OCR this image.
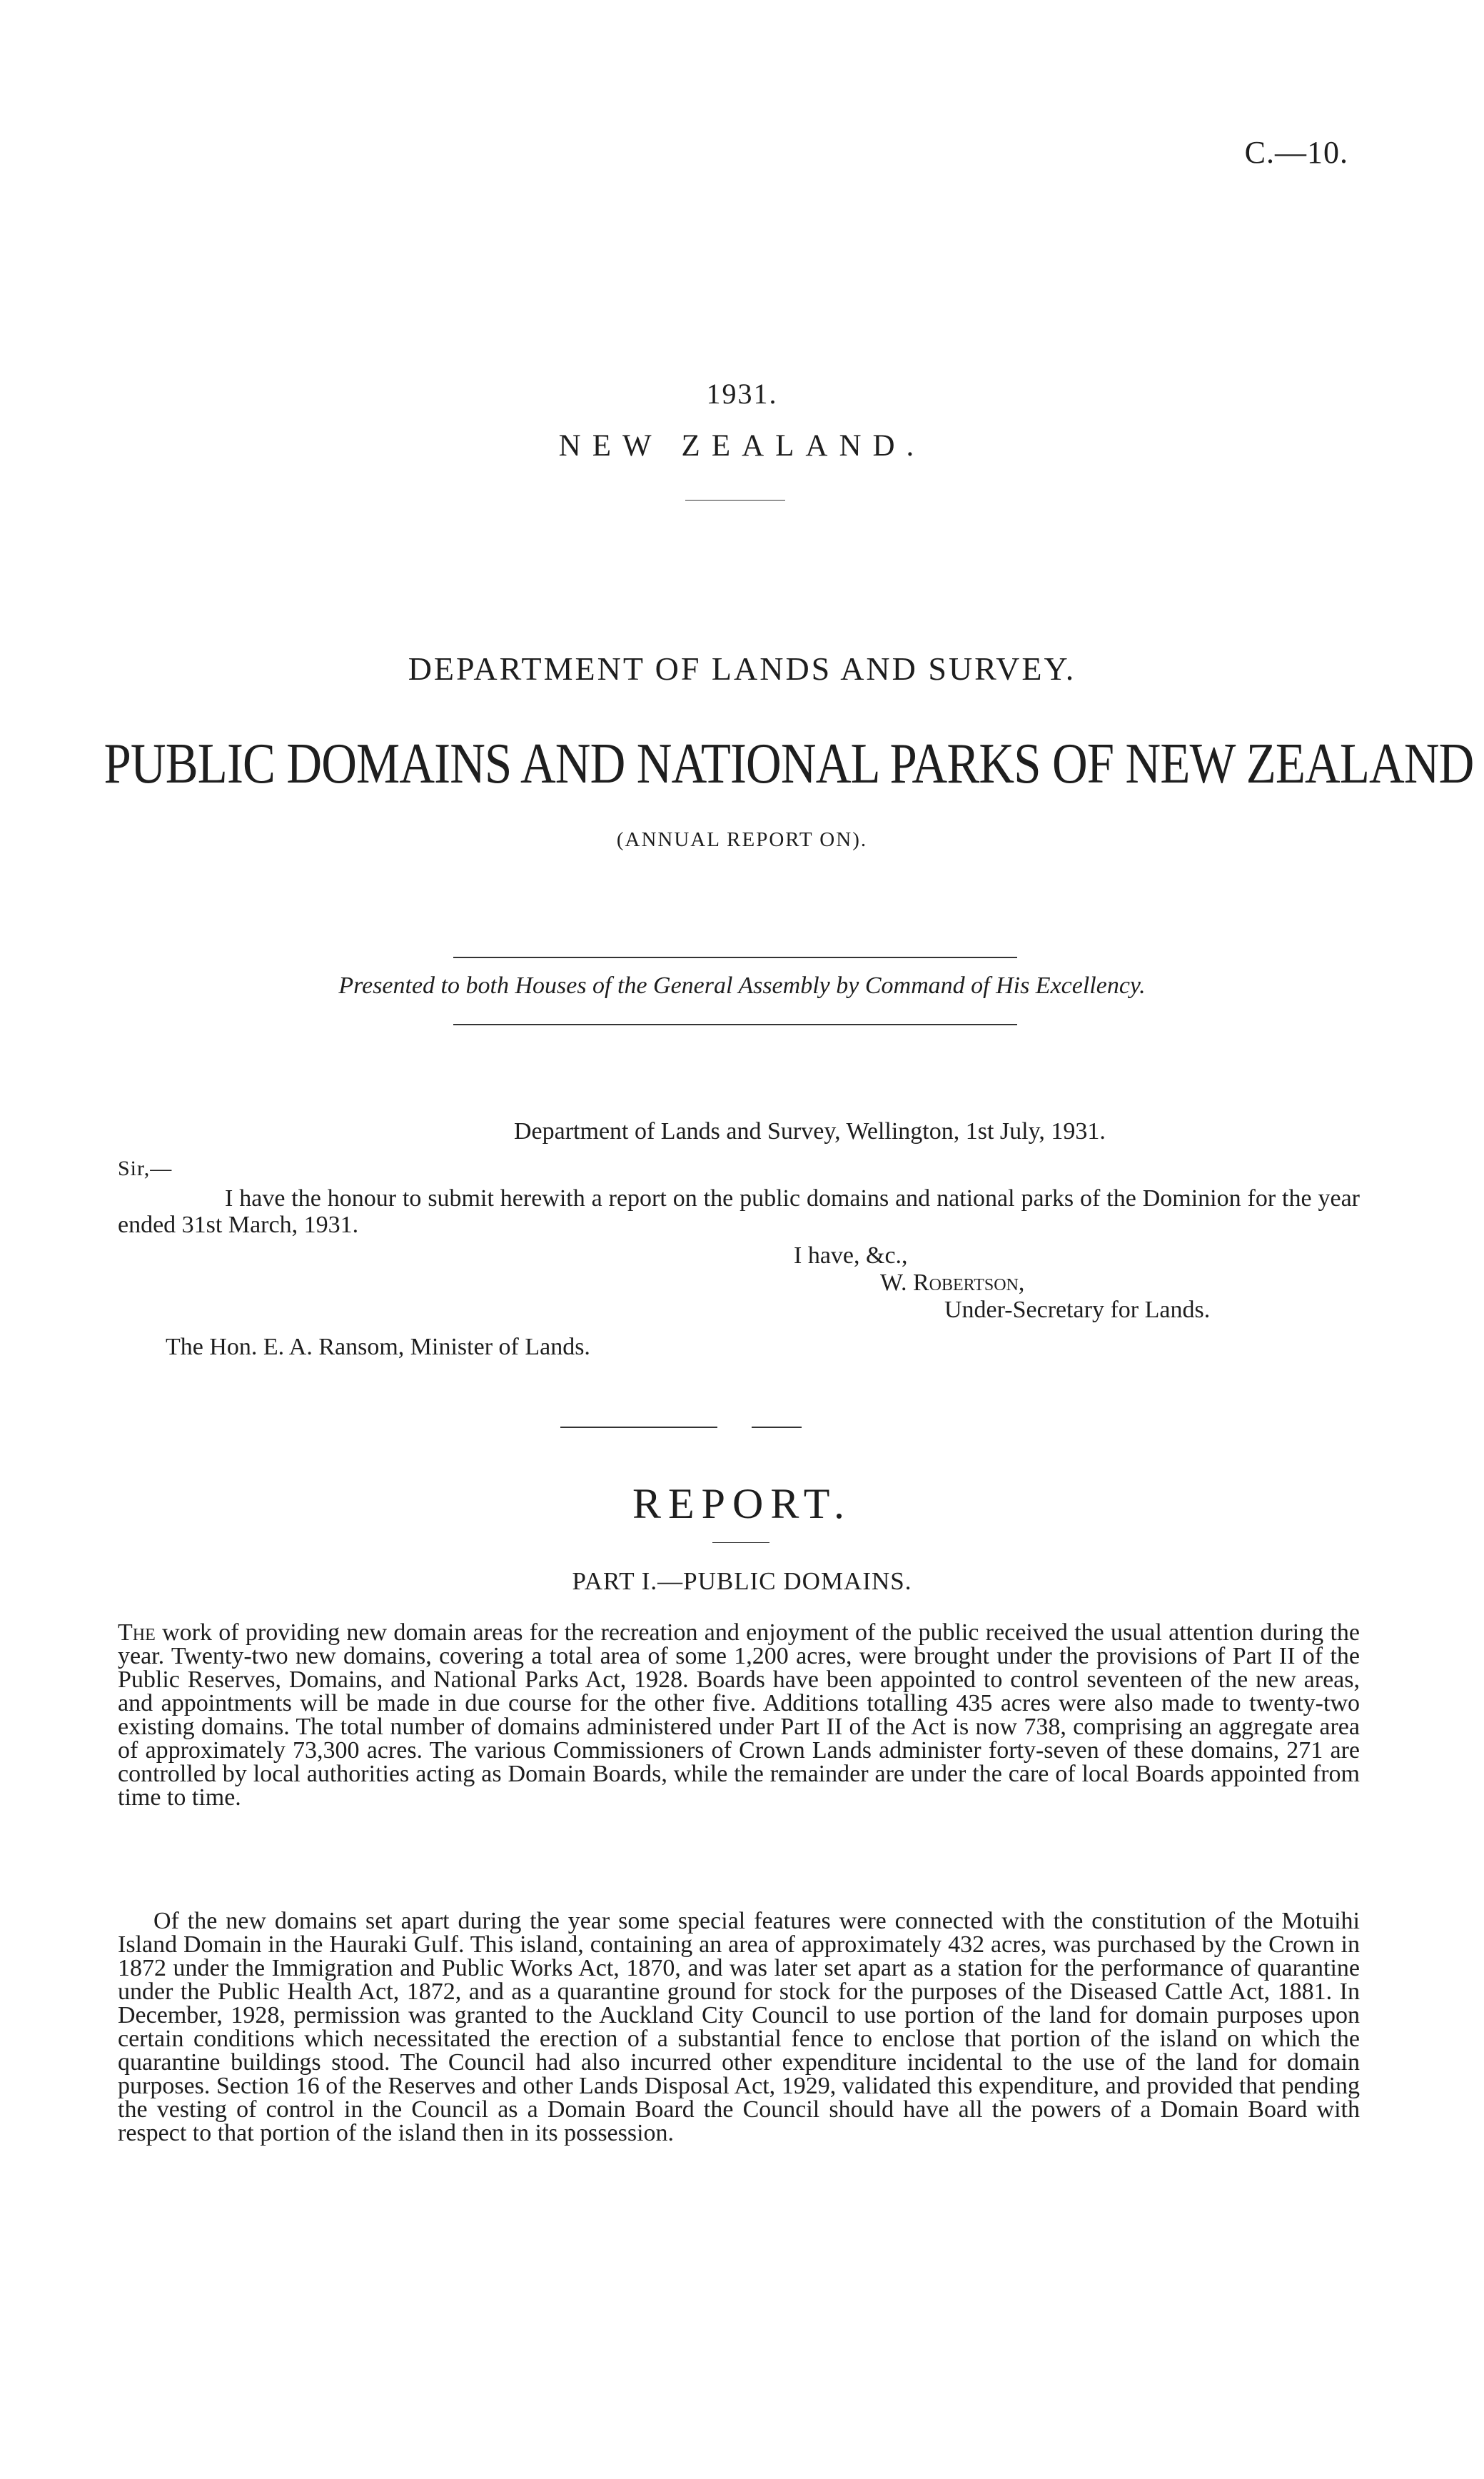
C.—10.
1931.
NEW ZEALAND.
DEPARTMENT OF LANDS AND SURVEY.
PUBLIC DOMAINS AND NATIONAL PARKS OF NEW ZEALAND
(ANNUAL REPORT ON).
Presented to both Houses of the General Assembly by Command of His Excellency.
Department of Lands and Survey, Wellington, 1st July, 1931.
Sir,—
I have the honour to submit herewith a report on the public domains and national parks of the Dominion for the year ended 31st March, 1931.
I have, &c.,
W. Robertson,
Under-Secretary for Lands.
The Hon. E. A. Ransom, Minister of Lands.
REPORT.
PART I.—PUBLIC DOMAINS.
The work of providing new domain areas for the recreation and enjoyment of the public received the usual attention during the year. Twenty-two new domains, covering a total area of some 1,200 acres, were brought under the provisions of Part II of the Public Reserves, Domains, and National Parks Act, 1928. Boards have been appointed to control seventeen of the new areas, and appointments will be made in due course for the other five. Additions totalling 435 acres were also made to twenty-two existing domains. The total number of domains administered under Part II of the Act is now 738, comprising an aggregate area of approximately 73,300 acres. The various Commissioners of Crown Lands administer forty-seven of these domains, 271 are controlled by local authorities acting as Domain Boards, while the remainder are under the care of local Boards appointed from time to time.
Of the new domains set apart during the year some special features were connected with the constitution of the Motuihi Island Domain in the Hauraki Gulf. This island, containing an area of approximately 432 acres, was purchased by the Crown in 1872 under the Immigration and Public Works Act, 1870, and was later set apart as a station for the performance of quarantine under the Public Health Act, 1872, and as a quarantine ground for stock for the purposes of the Diseased Cattle Act, 1881. In December, 1928, permission was granted to the Auckland City Council to use portion of the land for domain purposes upon certain conditions which necessitated the erection of a substantial fence to enclose that portion of the island on which the quarantine buildings stood. The Council had also incurred other expenditure incidental to the use of the land for domain purposes. Section 16 of the Reserves and other Lands Disposal Act, 1929, validated this expenditure, and provided that pending the vesting of control in the Council as a Domain Board the Council should have all the powers of a Domain Board with respect to that portion of the island then in its possession.
